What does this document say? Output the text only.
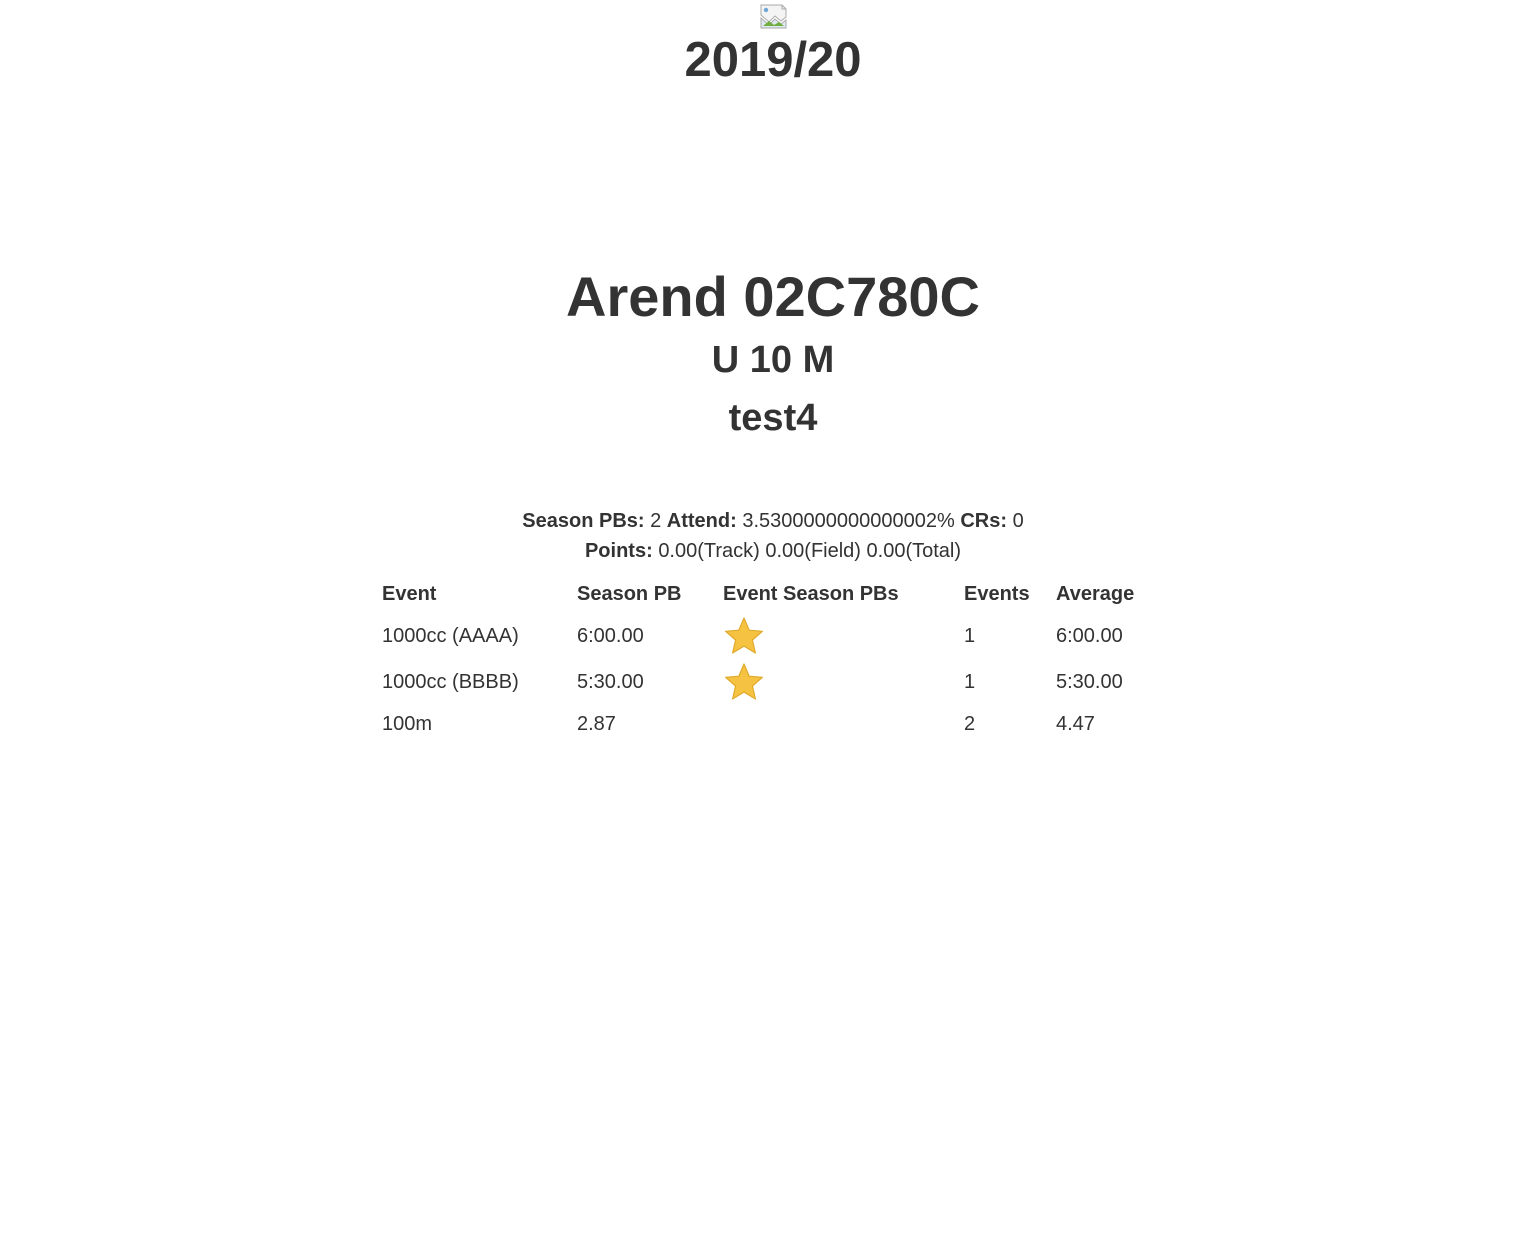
2019/20
Arend 02C780C
U 10 M
test4
Season PBs: 2 Attend: 3.5300000000000002% CRs: 0
Points: 0.00(Track) 0.00(Field) 0.00(Total)
Event	Season PB	Event Season PBs	Events	Average
1000cc (AAAA)	6:00.00		1	6:00.00
1000cc (BBBB)	5:30.00		1	5:30.00
100m	2.87		2	4.47
